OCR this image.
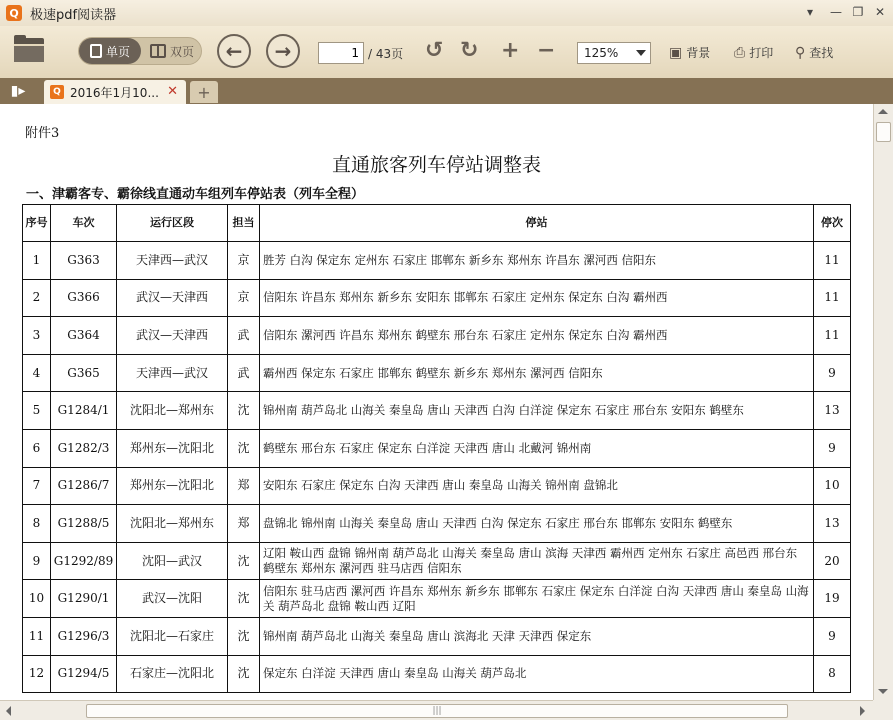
Q 极速pdf阅读器	▾	— ❐ ✕
单页	双页 ← →
1	/ 43页 ↺ ↻ + −	125%	▣ 背景 ⎙ 打印 ⚲ 查找
▮▸	Q 2016年1月10... ✕	+
附件3
直通旅客列车停站调整表
一、津霸客专、霸徐线直通动车组列车停站表（列车全程）
序号	车次	运行区段	担当	停站	停次
1	G363	天津西—武汉	京	胜芳 白沟 保定东 定州东 石家庄 邯郸东 新乡东 郑州东 许昌东 漯河西 信阳东	11
2	G366	武汉—天津西	京	信阳东 许昌东 郑州东 新乡东 安阳东 邯郸东 石家庄 定州东 保定东 白沟 霸州西	11
3	G364	武汉—天津西	武	信阳东 漯河西 许昌东 郑州东 鹤壁东 邢台东 石家庄 定州东 保定东 白沟 霸州西	11
4	G365	天津西—武汉	武	霸州西 保定东 石家庄 邯郸东 鹤壁东 新乡东 郑州东 漯河西 信阳东	9
5	G1284/1	沈阳北—郑州东	沈	锦州南 葫芦岛北 山海关 秦皇岛 唐山 天津西 白沟 白洋淀 保定东 石家庄 邢台东 安阳东 鹤壁东	13
6	G1282/3	郑州东—沈阳北	沈	鹤壁东 邢台东 石家庄 保定东 白洋淀 天津西 唐山 北戴河 锦州南	9
7	G1286/7	郑州东—沈阳北	郑	安阳东 石家庄 保定东 白沟 天津西 唐山 秦皇岛 山海关 锦州南 盘锦北	10
8	G1288/5	沈阳北—郑州东	郑	盘锦北 锦州南 山海关 秦皇岛 唐山 天津西 白沟 保定东 石家庄 邢台东 邯郸东 安阳东 鹤壁东	13
9	G1292/89	沈阳—武汉	沈	辽阳 鞍山西 盘锦 锦州南 葫芦岛北 山海关 秦皇岛 唐山 滨海 天津西 霸州西 定州东 石家庄 高邑西 邢台东 鹤壁东 郑州东 漯河西 驻马店西 信阳东	20
10	G1290/1	武汉—沈阳	沈	信阳东 驻马店西 漯河西 许昌东 郑州东 新乡东 邯郸东 石家庄 保定东 白洋淀 白沟 天津西 唐山 秦皇岛 山海关 葫芦岛北 盘锦 鞍山西 辽阳	19
11	G1296/3	沈阳北—石家庄	沈	锦州南 葫芦岛北 山海关 秦皇岛 唐山 滨海北 天津 天津西 保定东	9
12	G1294/5	石家庄—沈阳北	沈	保定东 白洋淀 天津西 唐山 秦皇岛 山海关 葫芦岛北	8
|||
